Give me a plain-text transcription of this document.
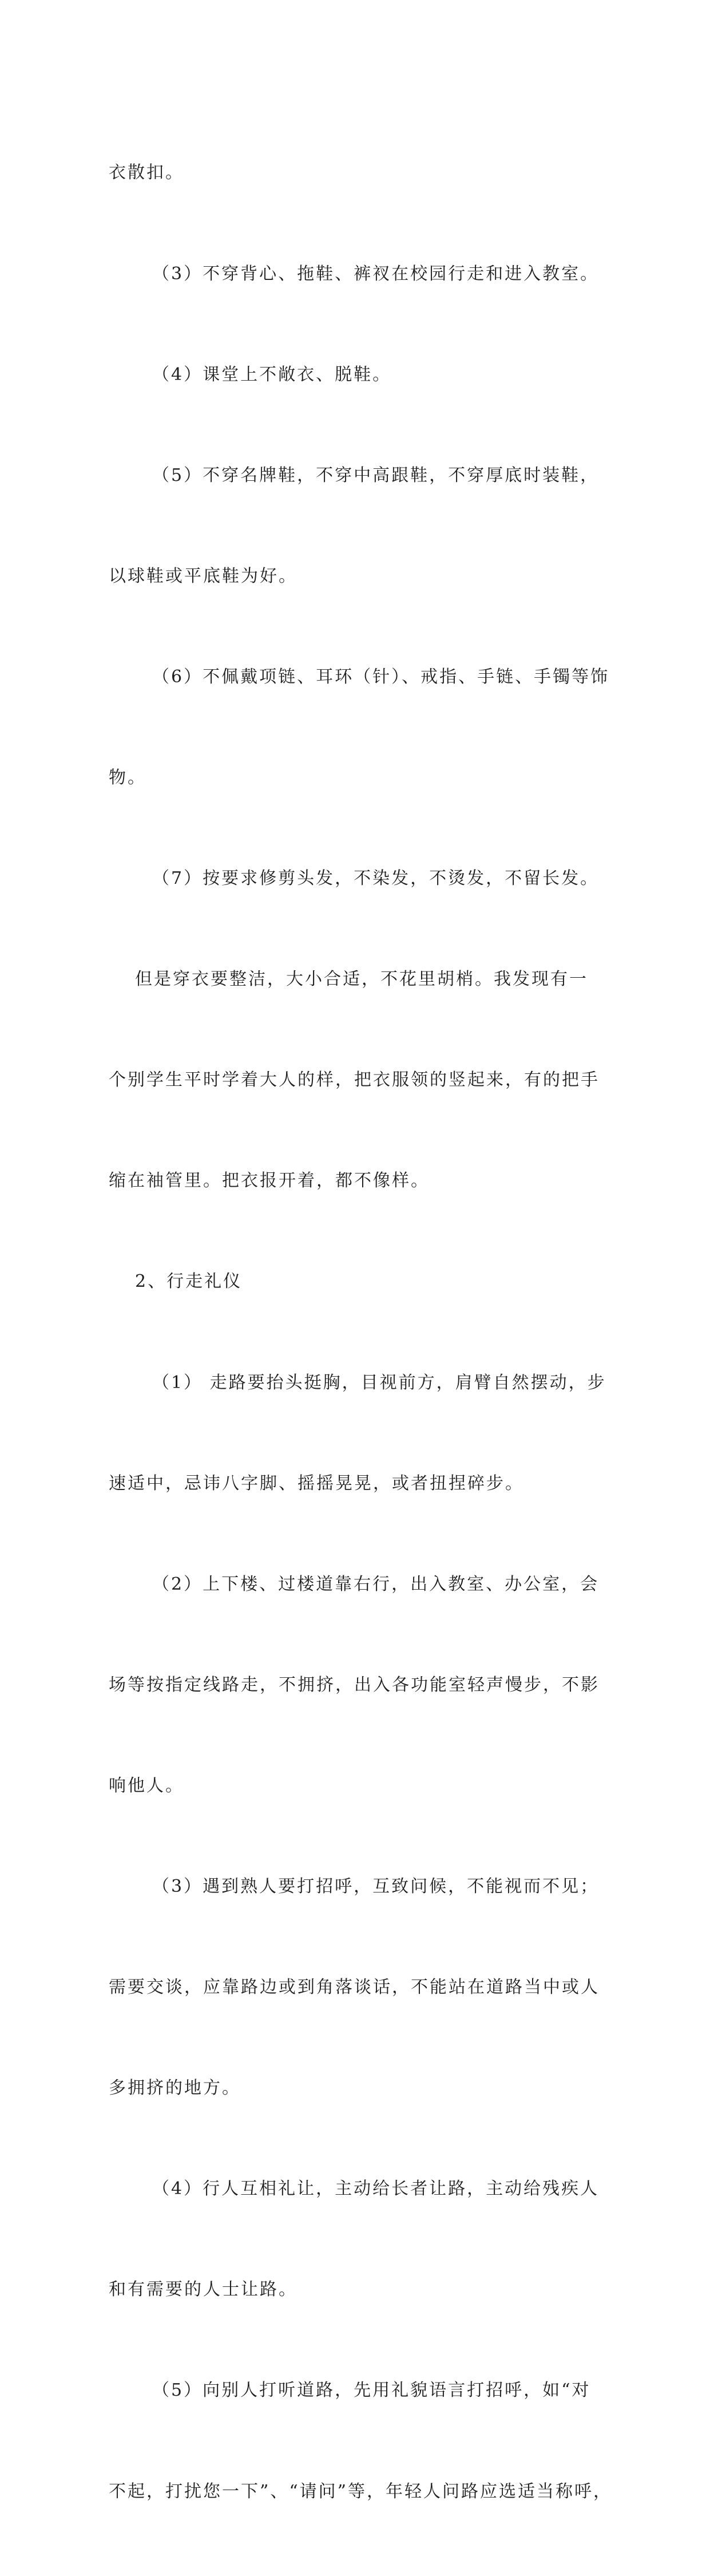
衣散扣。

（3）不穿背心、拖鞋、裤衩在校园行走和进入教室。

（4）课堂上不敞衣、脱鞋。

（5）不穿名牌鞋，不穿中高跟鞋，不穿厚底时装鞋，

以球鞋或平底鞋为好。

（6）不佩戴项链、耳环（针）、戒指、手链、手镯等饰

物。

（7）按要求修剪头发，不染发，不烫发，不留长发。

但是穿衣要整洁，大小合适，不花里胡梢。我发现有一

个别学生平时学着大人的样，把衣服领的竖起来，有的把手

缩在袖管里。把衣报开着，都不像样。

2、行走礼仪

（1） 走路要抬头挺胸，目视前方，肩臂自然摆动，步

速适中，忌讳八字脚、摇摇晃晃，或者扭捏碎步。

（2）上下楼、过楼道靠右行，出入教室、办公室，会

场等按指定线路走，不拥挤，出入各功能室轻声慢步，不影

响他人。

（3）遇到熟人要打招呼，互致问候，不能视而不见；

需要交谈，应靠路边或到角落谈话，不能站在道路当中或人

多拥挤的地方。

（4）行人互相礼让，主动给长者让路，主动给残疾人

和有需要的人士让路。

（5）向别人打听道路，先用礼貌语言打招呼，如“对

不起，打扰您一下”、“请问”等，年轻人问路应选适当称呼，
